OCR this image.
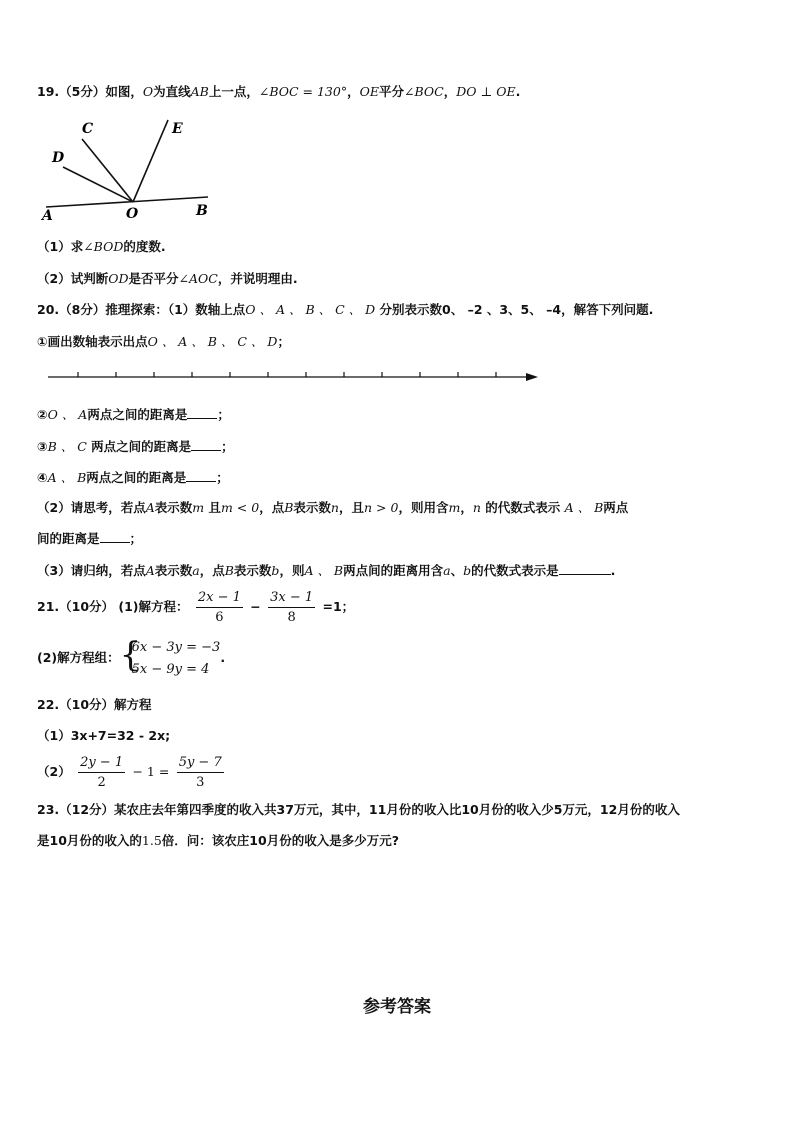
19.（5分）如图，O为直线AB上一点，∠BOC = 130°，OE平分∠BOC，DO ⊥ OE.
C	E
D
A	O	B
（1）求∠BOD的度数.
（2）试判断OD是否平分∠AOC，并说明理由.
20.（8分）推理探索：（1）数轴上点O 、 A 、 B 、 C 、 D 分别表示数0、 –2 、3、5、 –4，解答下列问题.
①画出数轴表示出点O 、 A 、 B 、 C 、 D；
②O 、 A两点之间的距离是 ；
③B 、 C 两点之间的距离是 ；
④A 、 B两点之间的距离是 ；
（2）请思考，若点A表示数m 且m < 0，点B表示数n，且n > 0，则用含m，n 的代数式表示 A 、 B两点
间的距离是 ；
（3）请归纳，若点A表示数a，点B表示数b，则A 、 B两点间的距离用含a、b的代数式表示是	.
21.（10分） (1)解方程： $\frac{2x - 1}{6} - \frac{3x - 1}{8} =1$；
(2)解方程组： {
6x − 3y = −3
5x − 9y = 4
.
22.（10分）解方程
（1）3x+7=32 - 2x;
$(2) \frac{2y - 1}{2} - 1 = \frac{5y - 7}{3}$
23.（12分）某农庄去年第四季度的收入共37万元，其中，11月份的收入比10月份的收入少5万元，12月份的收入
是10月份的收入的1.5倍．问：该农庄10月份的收入是多少万元?
参考答案
